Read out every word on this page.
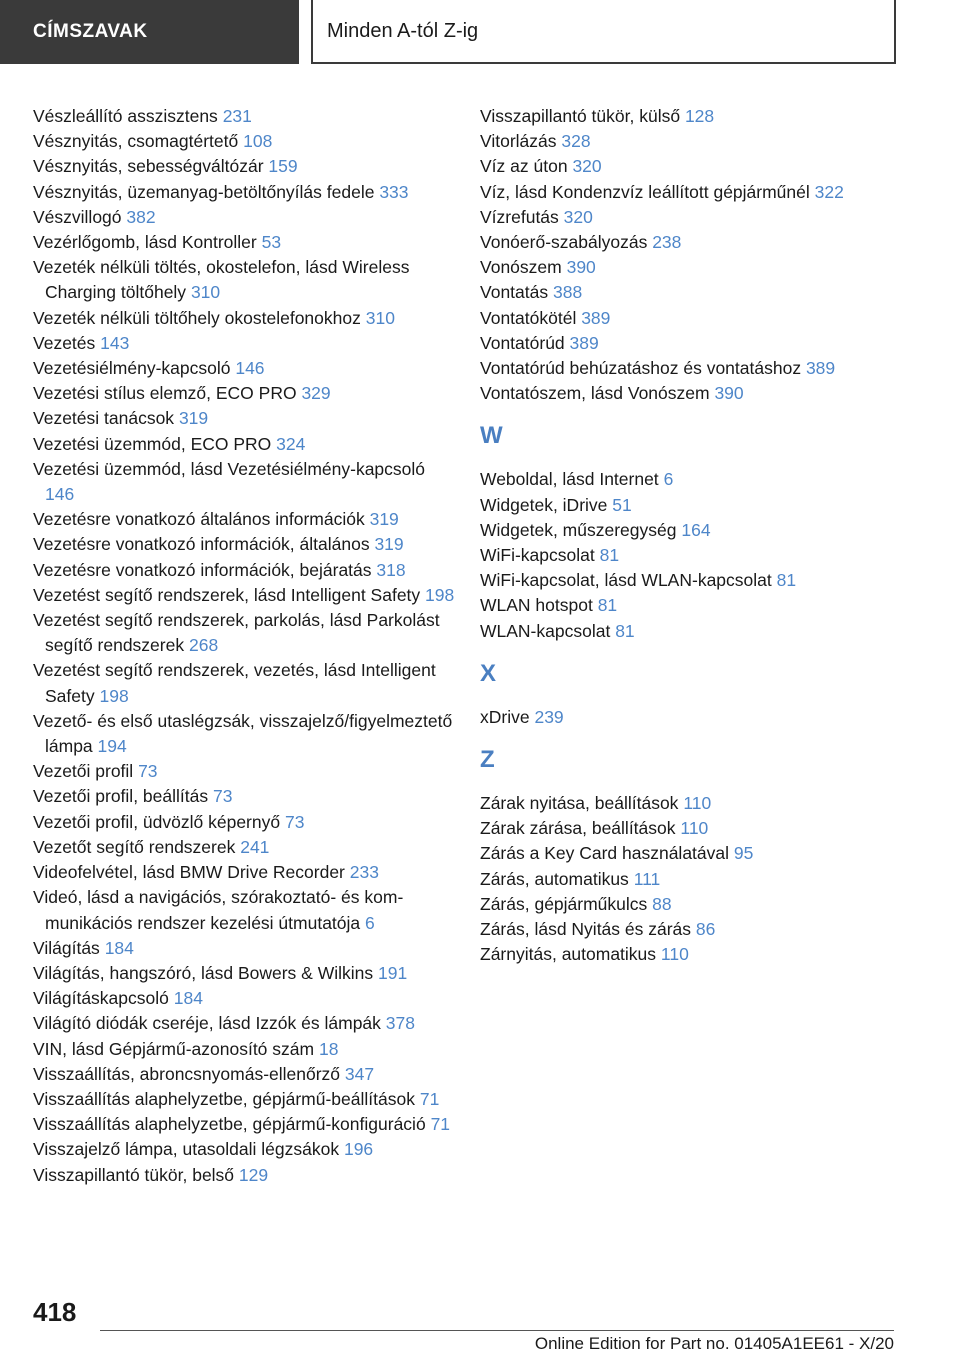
CÍMSZAVAK	Minden A-tól Z-ig
Vészleállító asszisztens 231
Vésznyitás, csomagtértető 108
Vésznyitás, sebességváltózár 159
Vésznyitás, üzemanyag-betöltőnyílás fedele 333
Vészvillogó 382
Vezérlőgomb, lásd Kontroller 53
Vezeték nélküli töltés, okostelefon, lásd Wireless Charging töltőhely 310
Vezeték nélküli töltőhely okostelefonokhoz 310
Vezetés 143
Vezetésiélmény-kapcsoló 146
Vezetési stílus elemző, ECO PRO 329
Vezetési tanácsok 319
Vezetési üzemmód, ECO PRO 324
Vezetési üzemmód, lásd Vezetésiélmény-kapcsoló 146
Vezetésre vonatkozó általános információk 319
Vezetésre vonatkozó információk, általános 319
Vezetésre vonatkozó információk, bejáratás 318
Vezetést segítő rendszerek, lásd Intelligent Safety 198
Vezetést segítő rendszerek, parkolás, lásd Parkolást segítő rendszerek 268
Vezetést segítő rendszerek, vezetés, lásd Intelligent Safety 198
Vezető- és első utaslégzsák, visszajelző/figyelmeztető lámpa 194
Vezetői profil 73
Vezetői profil, beállítás 73
Vezetői profil, üdvözlő képernyő 73
Vezetőt segítő rendszerek 241
Videofelvétel, lásd BMW Drive Recorder 233
Videó, lásd a navigációs, szórakoztató- és kommunikációs rendszer kezelési útmutatója 6
Világítás 184
Világítás, hangszóró, lásd Bowers & Wilkins 191
Világításkapcsoló 184
Világító diódák cseréje, lásd Izzók és lámpák 378
VIN, lásd Gépjármű-azonosító szám 18
Visszaállítás, abroncsnyomás-ellenőrző 347
Visszaállítás alaphelyzetbe, gépjármű-beállítások 71
Visszaállítás alaphelyzetbe, gépjármű-konfiguráció 71
Visszajelző lámpa, utasoldali légzsákok 196
Visszapillantó tükör, belső 129
Visszapillantó tükör, külső 128
Vitorlázás 328
Víz az úton 320
Víz, lásd Kondenzvíz leállított gépjárműnél 322
Vízrefutás 320
Vonóerő-szabályozás 238
Vonószem 390
Vontatás 388
Vontatókötél 389
Vontatórúd 389
Vontatórúd behúzatáshoz és vontatáshoz 389
Vontatószem, lásd Vonószem 390
W
Weboldal, lásd Internet 6
Widgetek, iDrive 51
Widgetek, műszeregység 164
WiFi-kapcsolat 81
WiFi-kapcsolat, lásd WLAN-kapcsolat 81
WLAN hotspot 81
WLAN-kapcsolat 81
X
xDrive 239
Z
Zárak nyitása, beállítások 110
Zárak zárása, beállítások 110
Zárás a Key Card használatával 95
Zárás, automatikus 111
Zárás, gépjárműkulcs 88
Zárás, lásd Nyitás és zárás 86
Zárnyitás, automatikus 110
418
Online Edition for Part no. 01405A1EE61 - X/20
